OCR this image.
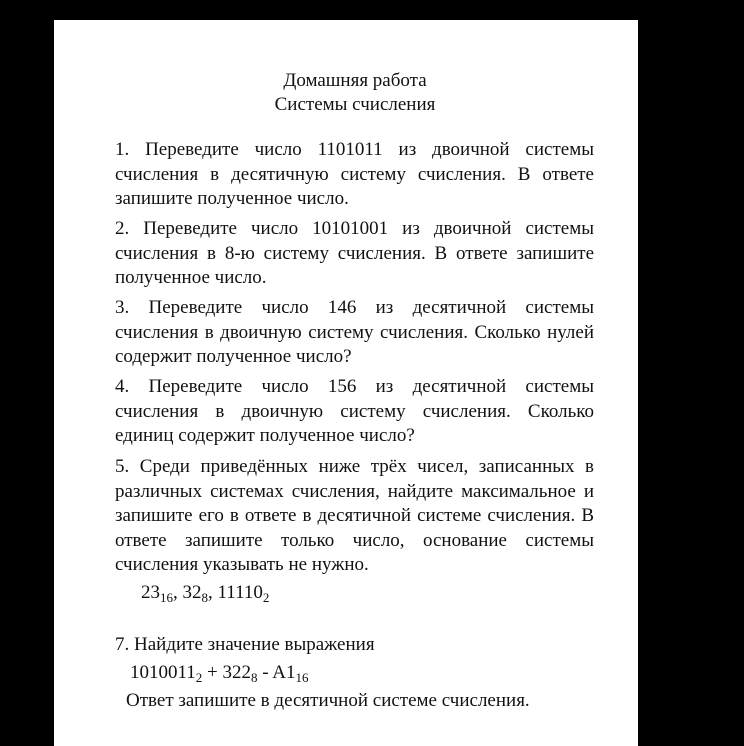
Домашняя работа
Системы счисления

1. Переведите число 1101011 из двоичной системы счисления в десятичную систему счисления. В ответе запишите полученное число.

2. Переведите число 10101001 из двоичной системы счисления в 8-ю систему счисления. В ответе запишите полученное число.

3. Переведите число 146 из десятичной системы счисления в двоичную систему счисления. Сколько нулей содержит полученное число?

4. Переведите число 156 из десятичной системы счисления в двоичную систему счисления. Сколько единиц содержит полученное число?

5. Среди приведённых ниже трёх чисел, записанных в различных системах счисления, найдите максимальное и запишите его в ответе в десятичной системе счисления. В ответе запишите только число, основание системы счисления указывать не нужно.

$23_{16}$, $32_8$, $11110_2$
7. Найдите значение выражения
$1010011_2 + 322_8 - A1_{16}$
Ответ запишите в десятичной системе счисления.
